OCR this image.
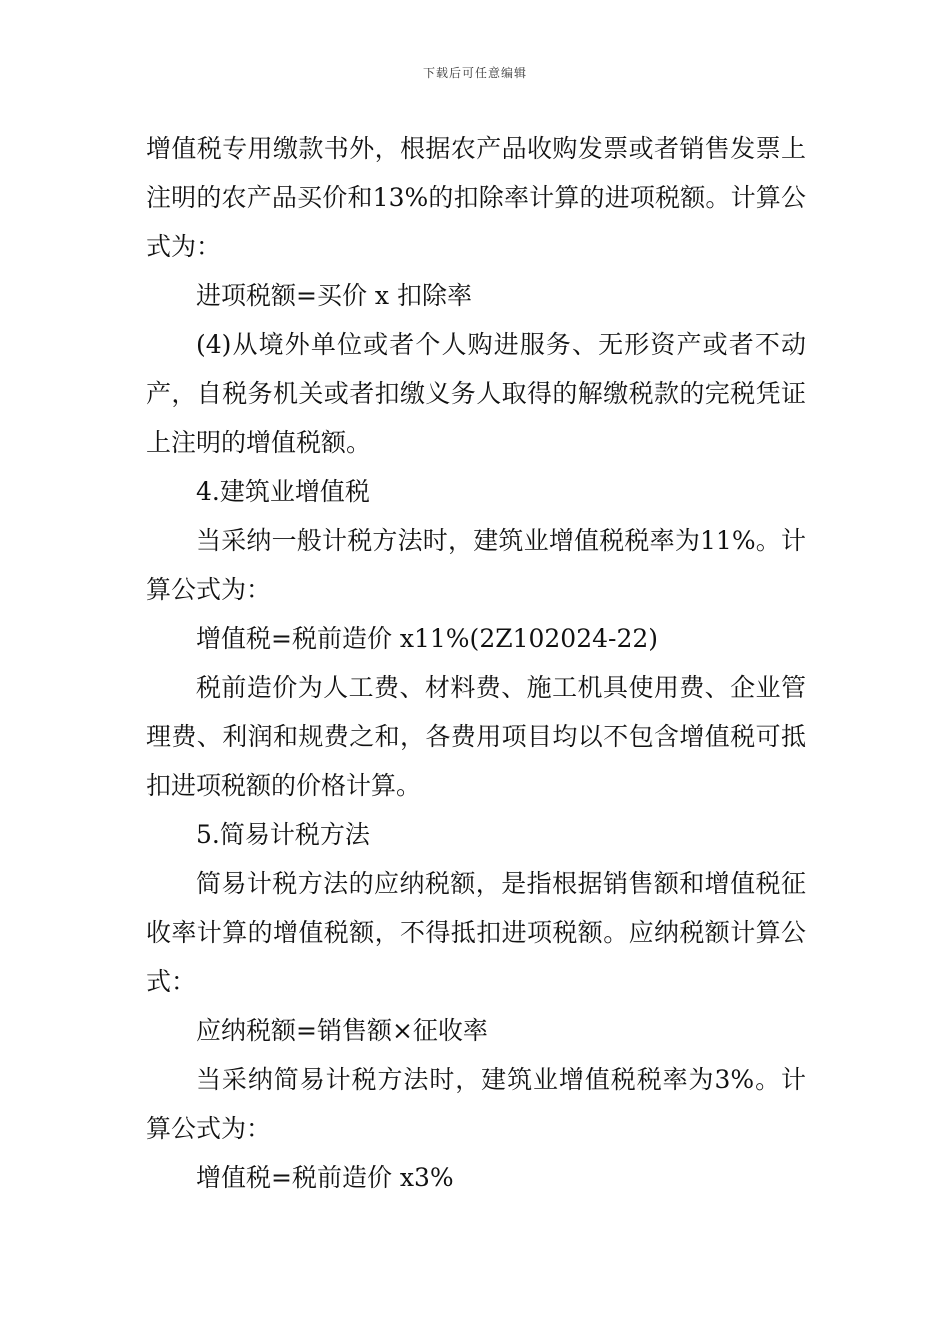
下载后可任意编辑

增值税专用缴款书外，根据农产品收购发票或者销售发票上注明的农产品买价和13%的扣除率计算的进项税额。计算公式为：

进项税额=买价 x 扣除率

(4)从境外单位或者个人购进服务、无形资产或者不动产，自税务机关或者扣缴义务人取得的解缴税款的完税凭证上注明的增值税额。

4.建筑业增值税

当采纳一般计税方法时，建筑业增值税税率为11%。计算公式为：

增值税=税前造价 x11%(2Z102024-22)

税前造价为人工费、材料费、施工机具使用费、企业管理费、利润和规费之和，各费用项目均以不包含增值税可抵扣进项税额的价格计算。

5.简易计税方法

简易计税方法的应纳税额，是指根据销售额和增值税征收率计算的增值税额，不得抵扣进项税额。应纳税额计算公式：

应纳税额=销售额×征收率

当采纳简易计税方法时，建筑业增值税税率为3%。计算公式为：

增值税=税前造价 x3%
